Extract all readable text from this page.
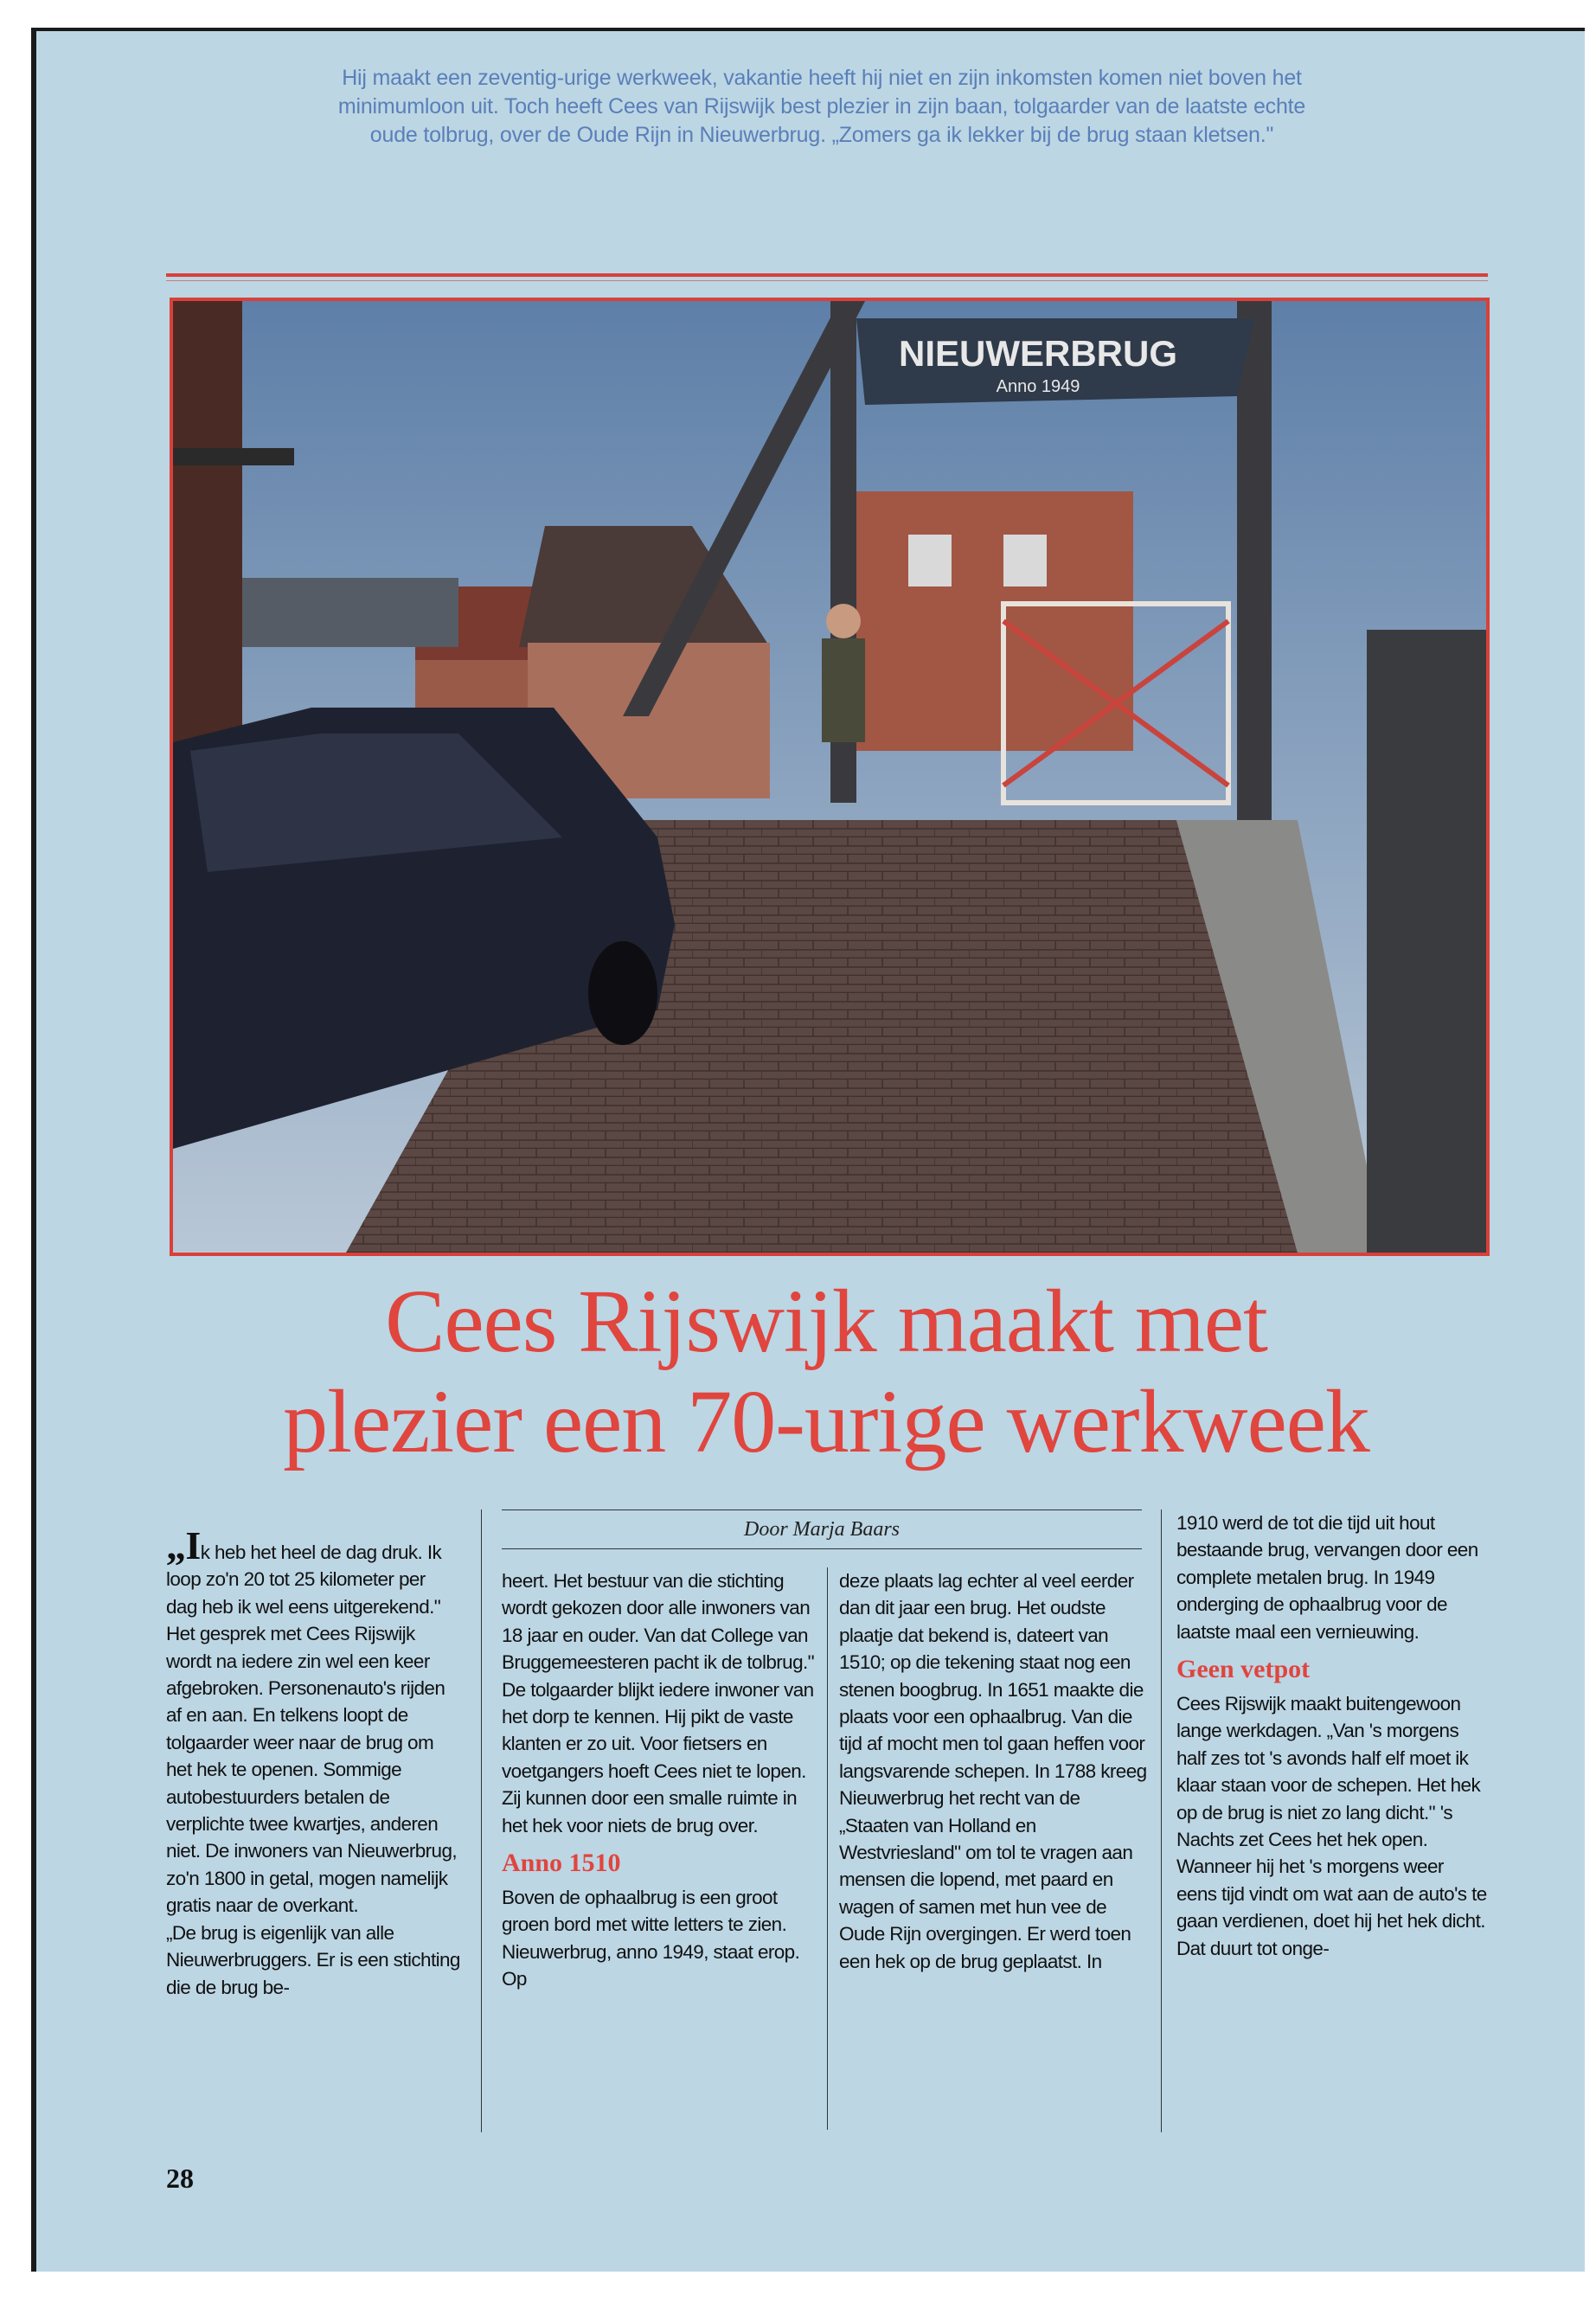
Hij maakt een zeventig-urige werkweek, vakantie heeft hij niet en zijn inkomsten komen niet boven het minimumloon uit. Toch heeft Cees van Rijswijk best plezier in zijn baan, tolgaarder van de laatste echte oude tolbrug, over de Oude Rijn in Nieuwerbrug. „Zomers ga ik lekker bij de brug staan kletsen."
NIEUWERBRUG
Anno 1949
Cees Rijswijk maakt met
plezier een 70-urige werkweek
Door Marja Baars

„Ik heb het heel de dag druk. Ik loop zo'n 20 tot 25 kilometer per dag heb ik wel eens uitgerekend." Het gesprek met Cees Rijswijk wordt na iedere zin wel een keer afgebroken. Personenauto's rijden af en aan. En telkens loopt de tolgaarder weer naar de brug om het hek te openen. Sommige autobestuurders betalen de verplichte twee kwartjes, anderen niet. De inwoners van Nieuwerbrug, zo'n 1800 in getal, mogen namelijk gratis naar de overkant.

„De brug is eigenlijk van alle Nieuwerbruggers. Er is een stichting die de brug be-

heert. Het bestuur van die stichting wordt gekozen door alle inwoners van 18 jaar en ouder. Van dat College van Bruggemeesteren pacht ik de tolbrug." De tolgaarder blijkt iedere inwoner van het dorp te kennen. Hij pikt de vaste klanten er zo uit. Voor fietsers en voetgangers hoeft Cees niet te lopen. Zij kunnen door een smalle ruimte in het hek voor niets de brug over.

Anno 1510

Boven de ophaalbrug is een groot groen bord met witte letters te zien. Nieuwerbrug, anno 1949, staat erop. Op

deze plaats lag echter al veel eerder dan dit jaar een brug. Het oudste plaatje dat bekend is, dateert van 1510; op die tekening staat nog een stenen boogbrug. In 1651 maakte die plaats voor een ophaalbrug. Van die tijd af mocht men tol gaan heffen voor langsvarende schepen. In 1788 kreeg Nieuwerbrug het recht van de „Staaten van Holland en Westvriesland" om tol te vragen aan mensen die lopend, met paard en wagen of samen met hun vee de Oude Rijn overgingen. Er werd toen een hek op de brug geplaatst. In

1910 werd de tot die tijd uit hout bestaande brug, vervangen door een complete metalen brug. In 1949 onderging de ophaalbrug voor de laatste maal een vernieuwing.

Geen vetpot

Cees Rijswijk maakt buitengewoon lange werkdagen. „Van 's morgens half zes tot 's avonds half elf moet ik klaar staan voor de schepen. Het hek op de brug is niet zo lang dicht." 's Nachts zet Cees het hek open. Wanneer hij het 's morgens weer eens tijd vindt om wat aan de auto's te gaan verdienen, doet hij het hek dicht. Dat duurt tot onge-

28
